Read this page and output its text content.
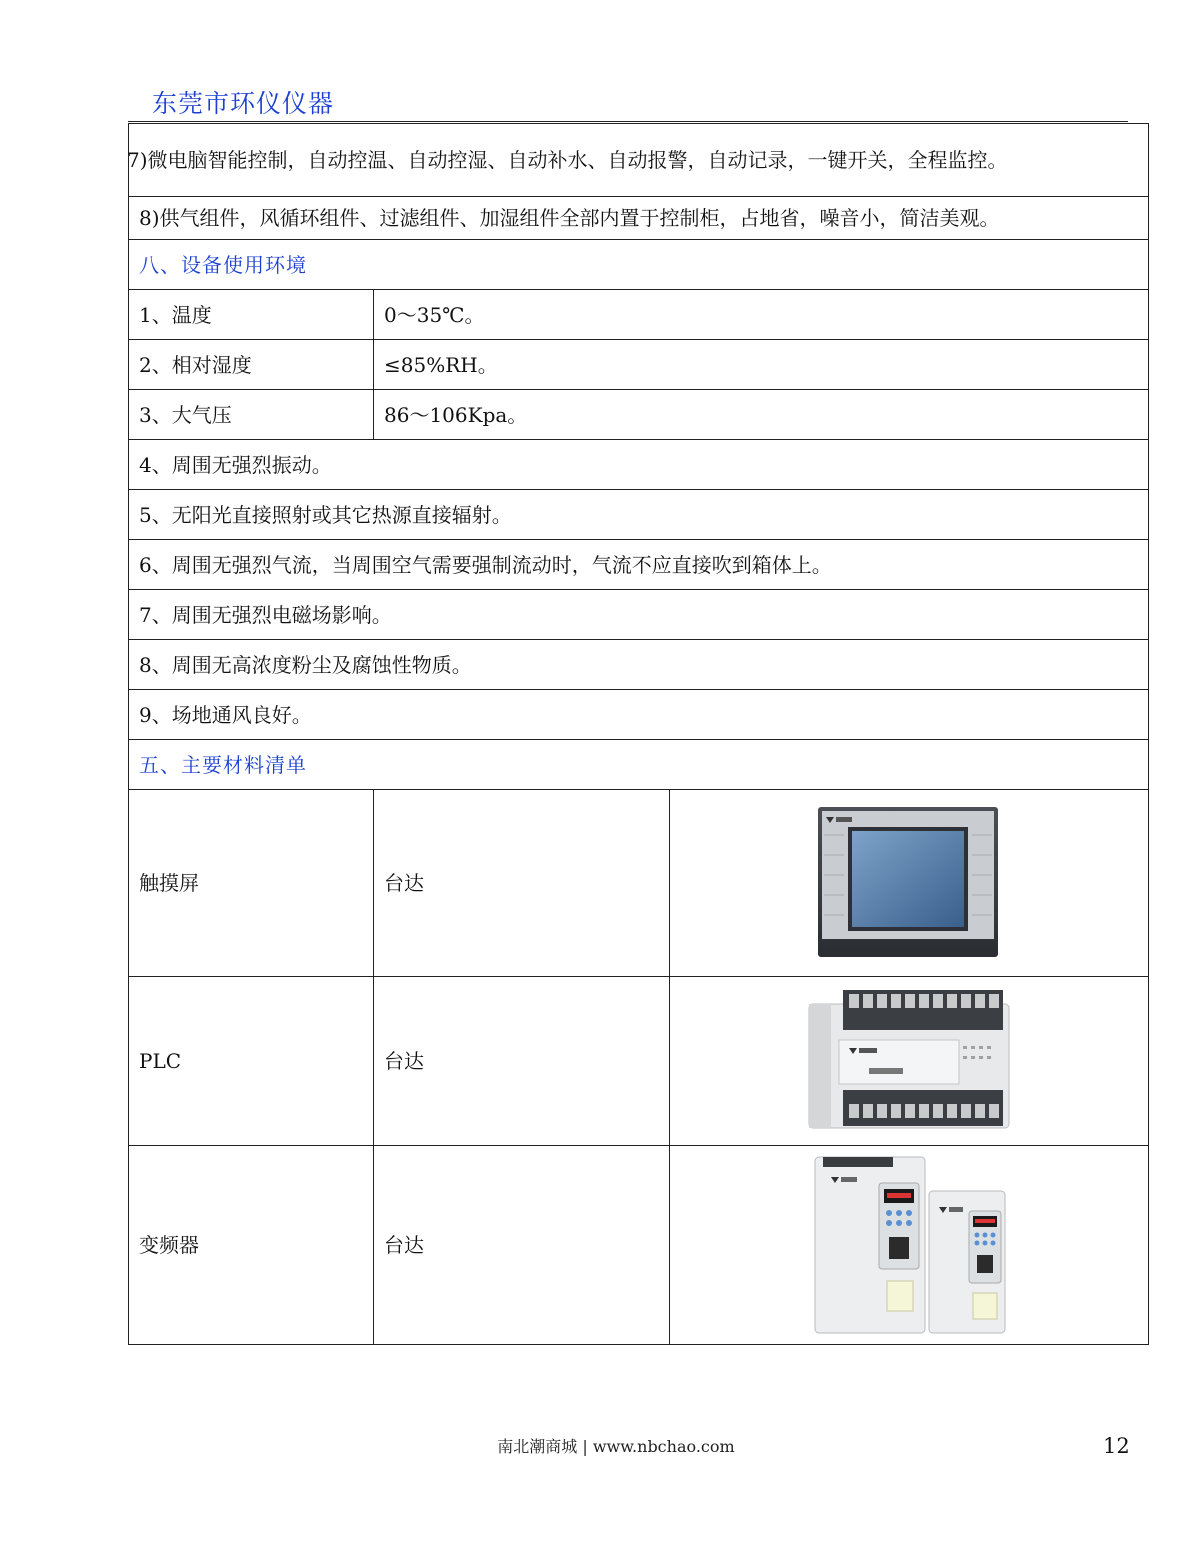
东莞市环仪仪器
7)微电脑智能控制，自动控温、自动控湿、自动补水、自动报警，自动记录，一键开关，全程监控。		
8)供气组件，风循环组件、过滤组件、加湿组件全部内置于控制柜，占地省，噪音小，简洁美观。		
八、设备使用环境		
1、温度	0～35℃。	
2、相对湿度	≤85%RH。	
3、大气压	86～106Kpa。	
4、周围无强烈振动。		
5、无阳光直接照射或其它热源直接辐射。		
6、周围无强烈气流，当周围空气需要强制流动时，气流不应直接吹到箱体上。		
7、周围无强烈电磁场影响。		
8、周围无高浓度粉尘及腐蚀性物质。		
9、场地通风良好。		
五、主要材料清单		
触摸屏	台达	

PLC	台达	

变频器	台达	
南北潮商城 | www.nbchao.com	12
